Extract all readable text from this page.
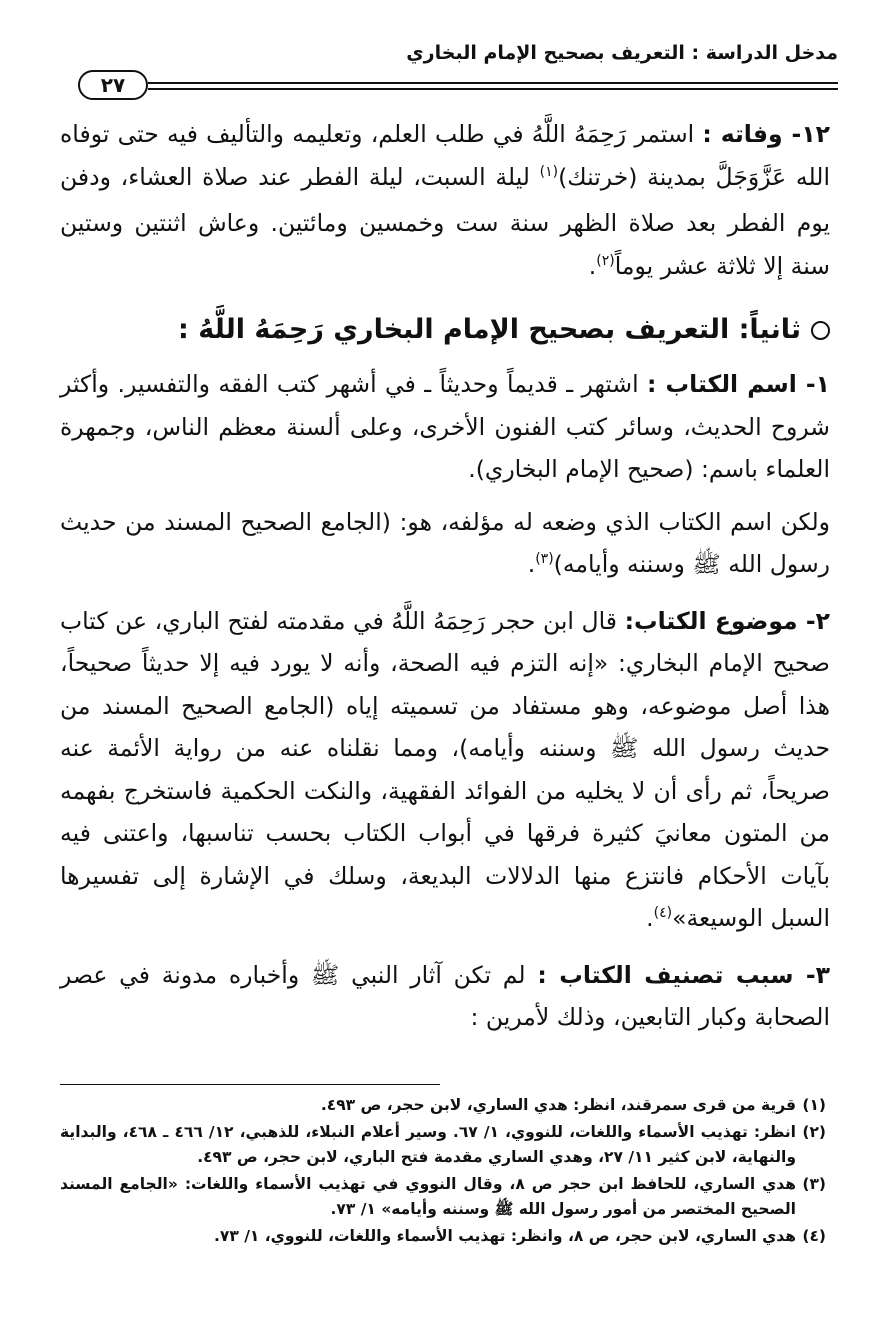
مدخل الدراسة : التعريف بصحيح الإمام البخاري
٢٧

١٢- وفاته : استمر رَحِمَهُ اللَّهُ في طلب العلم، وتعليمه والتأليف فيه حتى توفاه الله عَزَّوَجَلَّ بمدينة (خرتنك)$^{(١)}$ ليلة السبت، ليلة الفطر عند صلاة العشاء، ودفن يوم الفطر بعد صلاة الظهر سنة ست وخمسين ومائتين. وعاش اثنتين وستين سنة إلا ثلاثة عشر يوماً$^{(٢)}$.

ثانياً: التعريف بصحيح الإمام البخاري رَحِمَهُ اللَّهُ :

١- اسم الكتاب : اشتهر ـ قديماً وحديثاً ـ في أشهر كتب الفقه والتفسير. وأكثر شروح الحديث، وسائر كتب الفنون الأخرى، وعلى ألسنة معظم الناس، وجمهرة العلماء باسم: (صحيح الإمام البخاري).

ولكن اسم الكتاب الذي وضعه له مؤلفه، هو: (الجامع الصحيح المسند من حديث رسول الله ﷺ وسننه وأيامه)$^{(٣)}$.

٢- موضوع الكتاب: قال ابن حجر رَحِمَهُ اللَّهُ في مقدمته لفتح الباري، عن كتاب صحيح الإمام البخاري: «إنه التزم فيه الصحة، وأنه لا يورد فيه إلا حديثاً صحيحاً، هذا أصل موضوعه، وهو مستفاد من تسميته إياه (الجامع الصحيح المسند من حديث رسول الله ﷺ وسننه وأيامه)، ومما نقلناه عنه من رواية الأئمة عنه صريحاً، ثم رأى أن لا يخليه من الفوائد الفقهية، والنكت الحكمية فاستخرج بفهمه من المتون معانيَ كثيرة فرقها في أبواب الكتاب بحسب تناسبها، واعتنى فيه بآيات الأحكام فانتزع منها الدلالات البديعة، وسلك في الإشارة إلى تفسيرها السبل الوسيعة»$^{(٤)}$.

٣- سبب تصنيف الكتاب : لم تكن آثار النبي ﷺ وأخباره مدونة في عصر الصحابة وكبار التابعين، وذلك لأمرين :

(١)
قرية من قرى سمرقند، انظر: هدي الساري، لابن حجر، ص ٤٩٣.
(٢)
انظر: تهذيب الأسماء واللغات، للنووي، ١/ ٦٧. وسير أعلام النبلاء، للذهبي، ١٢/ ٤٦٦ ـ ٤٦٨، والبداية والنهاية، لابن كثير ١١/ ٢٧، وهدي الساري مقدمة فتح الباري، لابن حجر، ص ٤٩٣.
(٣)
هدي الساري، للحافظ ابن حجر ص ٨، وقال النووي في تهذيب الأسماء واللغات: «الجامع المسند الصحيح المختصر من أمور رسول الله ﷺ وسننه وأيامه» ١/ ٧٣.
(٤)
هدي الساري، لابن حجر، ص ٨، وانظر: تهذيب الأسماء واللغات، للنووي، ١/ ٧٣.
